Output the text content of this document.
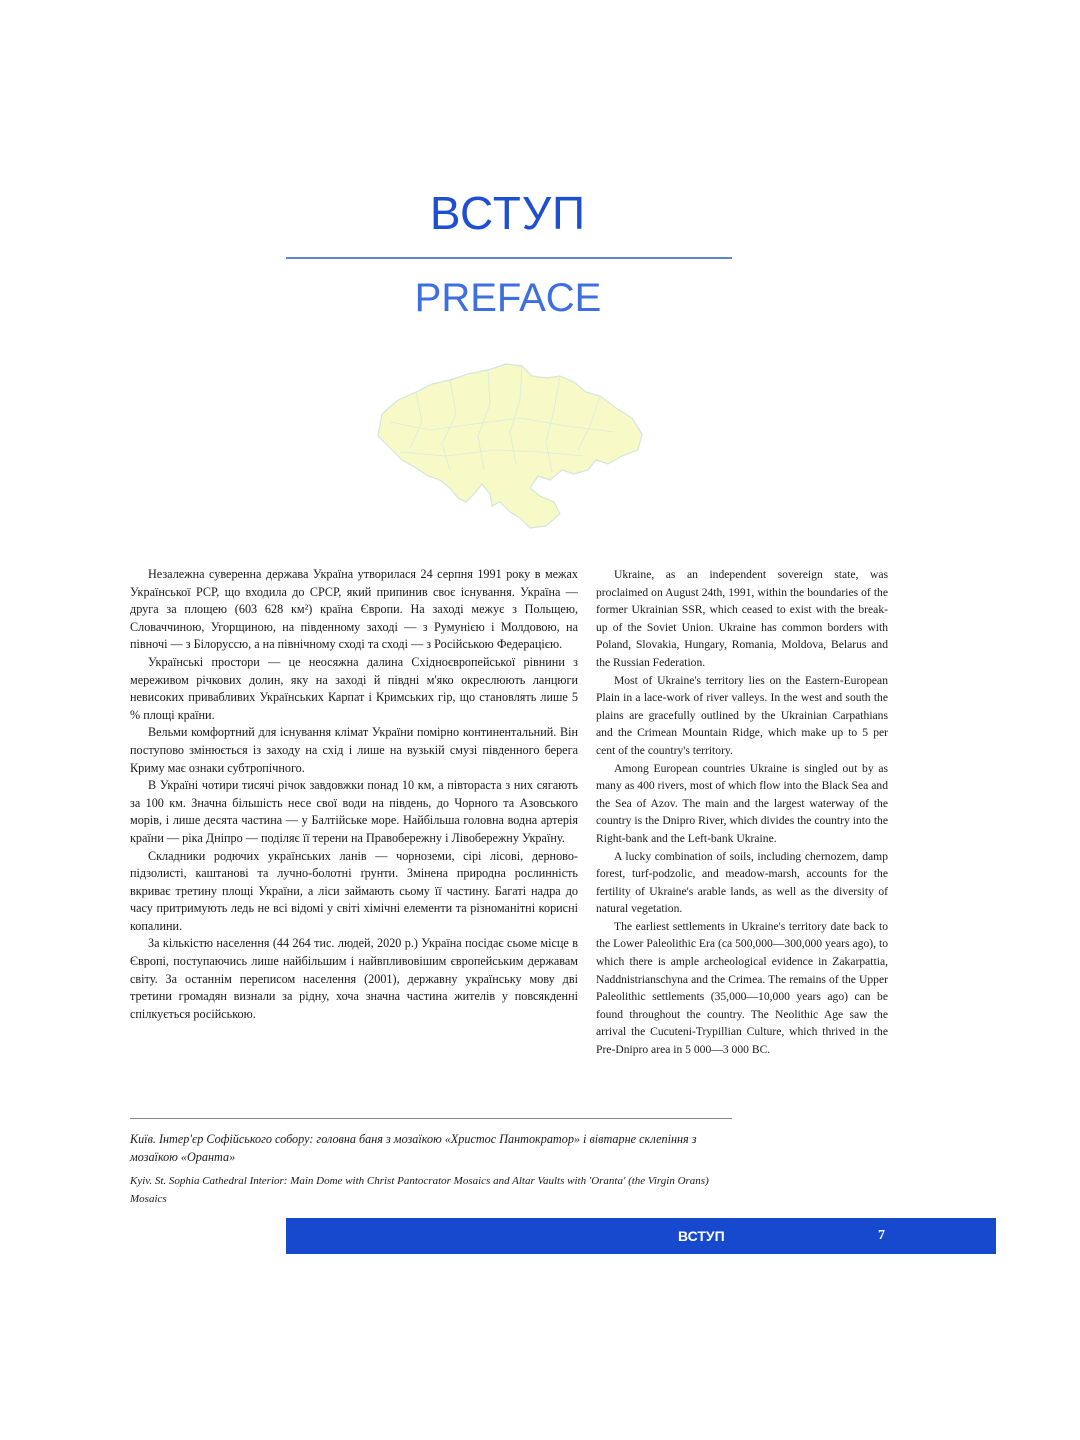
ВСТУП
PREFACE

Незалежна суверенна держава Україна утворилася 24 серпня 1991 року в межах Української РСР, що входила до СРСР, який припинив своє існування. Україна — друга за площею (603 628 км²) країна Європи. На заході межує з Польщею, Словаччиною, Угорщиною, на південному заході — з Румунією і Молдовою, на півночі — з Білоруссю, а на північному сході та сході — з Російською Федерацією.

Українські простори — це неосяжна далина Східноєвропейської рівнини з мереживом річкових долин, яку на заході й півдні м'яко окреслюють ланцюги невисоких привабливих Українських Карпат і Кримських гір, що становлять лише 5 % площі країни.

Вельми комфортний для існування клімат України помірно континентальний. Він поступово змінюється із заходу на схід і лише на вузькій смузі південного берега Криму має ознаки субтропічного.

В Україні чотири тисячі річок завдовжки понад 10 км, а півтораста з них сягають за 100 км. Значна більшість несе свої води на південь, до Чорного та Азовського морів, і лише десята частина — у Балтійське море. Найбільша головна водна артерія країни — ріка Дніпро — поділяє її терени на Правобережну і Лівобережну Україну.

Складники родючих українських ланів — чорноземи, сірі лісові, дерново-підзолисті, каштанові та лучно-болотні ґрунти. Змінена природна рослинність вкриває третину площі України, а ліси займають сьому її частину. Багаті надра до часу притримують ледь не всі відомі у світі хімічні елементи та різноманітні корисні копалини.

За кількістю населення (44 264 тис. людей, 2020 р.) Україна посідає сьоме місце в Європі, поступаючись лише найбільшим і найвпливовішим європейським державам світу. За останнім переписом населення (2001), державну українську мову дві третини громадян визнали за рідну, хоча значна частина жителів у повсякденні спілкується російською.

Ukraine, as an independent sovereign state, was proclaimed on August 24th, 1991, within the boundaries of the former Ukrainian SSR, which ceased to exist with the break-up of the Soviet Union. Ukraine has common borders with Poland, Slovakia, Hungary, Romania, Moldova, Belarus and the Russian Federation.

Most of Ukraine's territory lies on the Eastern-European Plain in a lace-work of river valleys. In the west and south the plains are gracefully outlined by the Ukrainian Carpathians and the Crimean Mountain Ridge, which make up to 5 per cent of the country's territory.

Among European countries Ukraine is singled out by as many as 400 rivers, most of which flow into the Black Sea and the Sea of Azov. The main and the largest waterway of the country is the Dnipro River, which divides the country into the Right-bank and the Left-bank Ukraine.

A lucky combination of soils, including chernozem, damp forest, turf-podzolic, and meadow-marsh, accounts for the fertility of Ukraine's arable lands, as well as the diversity of natural vegetation.

The earliest settlements in Ukraine's territory date back to the Lower Paleolithic Era (ca 500,000—300,000 years ago), to which there is ample archeological evidence in Zakarpattia, Naddnistrianschyna and the Crimea. The remains of the Upper Paleolithic settlements (35,000—10,000 years ago) can be found throughout the country. The Neolithic Age saw the arrival the Cucuteni-Trypillian Culture, which thrived in the Pre-Dnipro area in 5 000—3 000 BC.

Київ. Інтер'єр Софійського собору: головна баня з мозаїкою «Христос Пантократор» і вівтарне склепіння з мозаїкою «Оранта»

Kyiv. St. Sophia Cathedral Interior: Main Dome with Christ Pantocrator Mosaics and Altar Vaults with 'Oranta' (the Virgin Orans) Mosaics

ВСТУП	7
